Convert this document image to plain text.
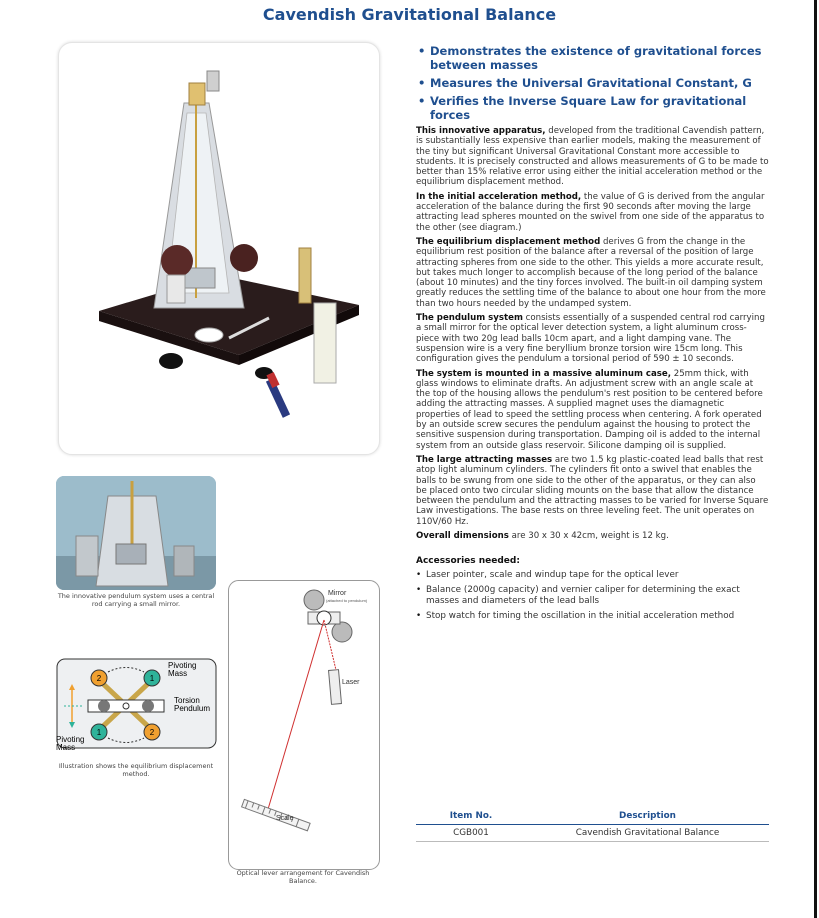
Cavendish Gravitational Balance
The innovative pendulum system uses a central rod carrying a small mirror.
2	1
1	2
Pivoting Mass
Torsion Pendulum
Pivoting Mass
Illustration shows the equilibrium displacement method.
Laser
Mirror
(attached to pendulum)
Scale
Optical lever arrangement for Cavendish Balance.
• Demonstrates the existence of gravitational forces between masses
• Measures the Universal Gravitational Constant, G
• Verifies the Inverse Square Law for gravitational forces

This innovative apparatus, developed from the traditional Cavendish pattern, is substantially less expensive than earlier models, making the measurement of the tiny but significant Universal Gravitational Constant more accessible to students. It is precisely constructed and allows measurements of G to be made to better than 15% relative error using either the initial acceleration method or the equilibrium displacement method.

In the initial acceleration method, the value of G is derived from the angular acceleration of the balance during the first 90 seconds after moving the large attracting lead spheres mounted on the swivel from one side of the apparatus to the other (see diagram.)

The equilibrium displacement method derives G from the change in the equilibrium rest position of the balance after a reversal of the position of large attracting spheres from one side to the other. This yields a more accurate result, but takes much longer to accomplish because of the long period of the balance (about 10 minutes) and the tiny forces involved. The built-in oil damping system greatly reduces the settling time of the balance to about one hour from the more than two hours needed by the undamped system.

The pendulum system consists essentially of a suspended central rod carrying a small mirror for the optical lever detection system, a light aluminum cross-piece with two 20g lead balls 10cm apart, and a light damping vane. The suspension wire is a very fine beryllium bronze torsion wire 15cm long. This configuration gives the pendulum a torsional period of 590 ± 10 seconds.

The system is mounted in a massive aluminum case, 25mm thick, with glass windows to eliminate drafts. An adjustment screw with an angle scale at the top of the housing allows the pendulum's rest position to be centered before adding the attracting masses. A supplied magnet uses the diamagnetic properties of lead to speed the settling process when centering. A fork operated by an outside screw secures the pendulum against the housing to protect the sensitive suspension during transportation. Damping oil is added to the internal system from an outside glass reservoir. Silicone damping oil is supplied.

The large attracting masses are two 1.5 kg plastic-coated lead balls that rest atop light aluminum cylinders. The cylinders fit onto a swivel that enables the balls to be swung from one side to the other of the apparatus, or they can also be placed onto two circular sliding mounts on the base that allow the distance between the pendulum and the attracting masses to be varied for Inverse Square Law investigations. The base rests on three leveling feet. The unit operates on 110V/60 Hz.

Overall dimensions are 30 x 30 x 42cm, weight is 12 kg.

Accessories needed:
• Laser pointer, scale and windup tape for the optical lever
• Balance (2000g capacity) and vernier caliper for determining the exact masses and diameters of the lead balls
• Stop watch for timing the oscillation in the initial acceleration method
Item No.	Description
CGB001	Cavendish Gravitational Balance
